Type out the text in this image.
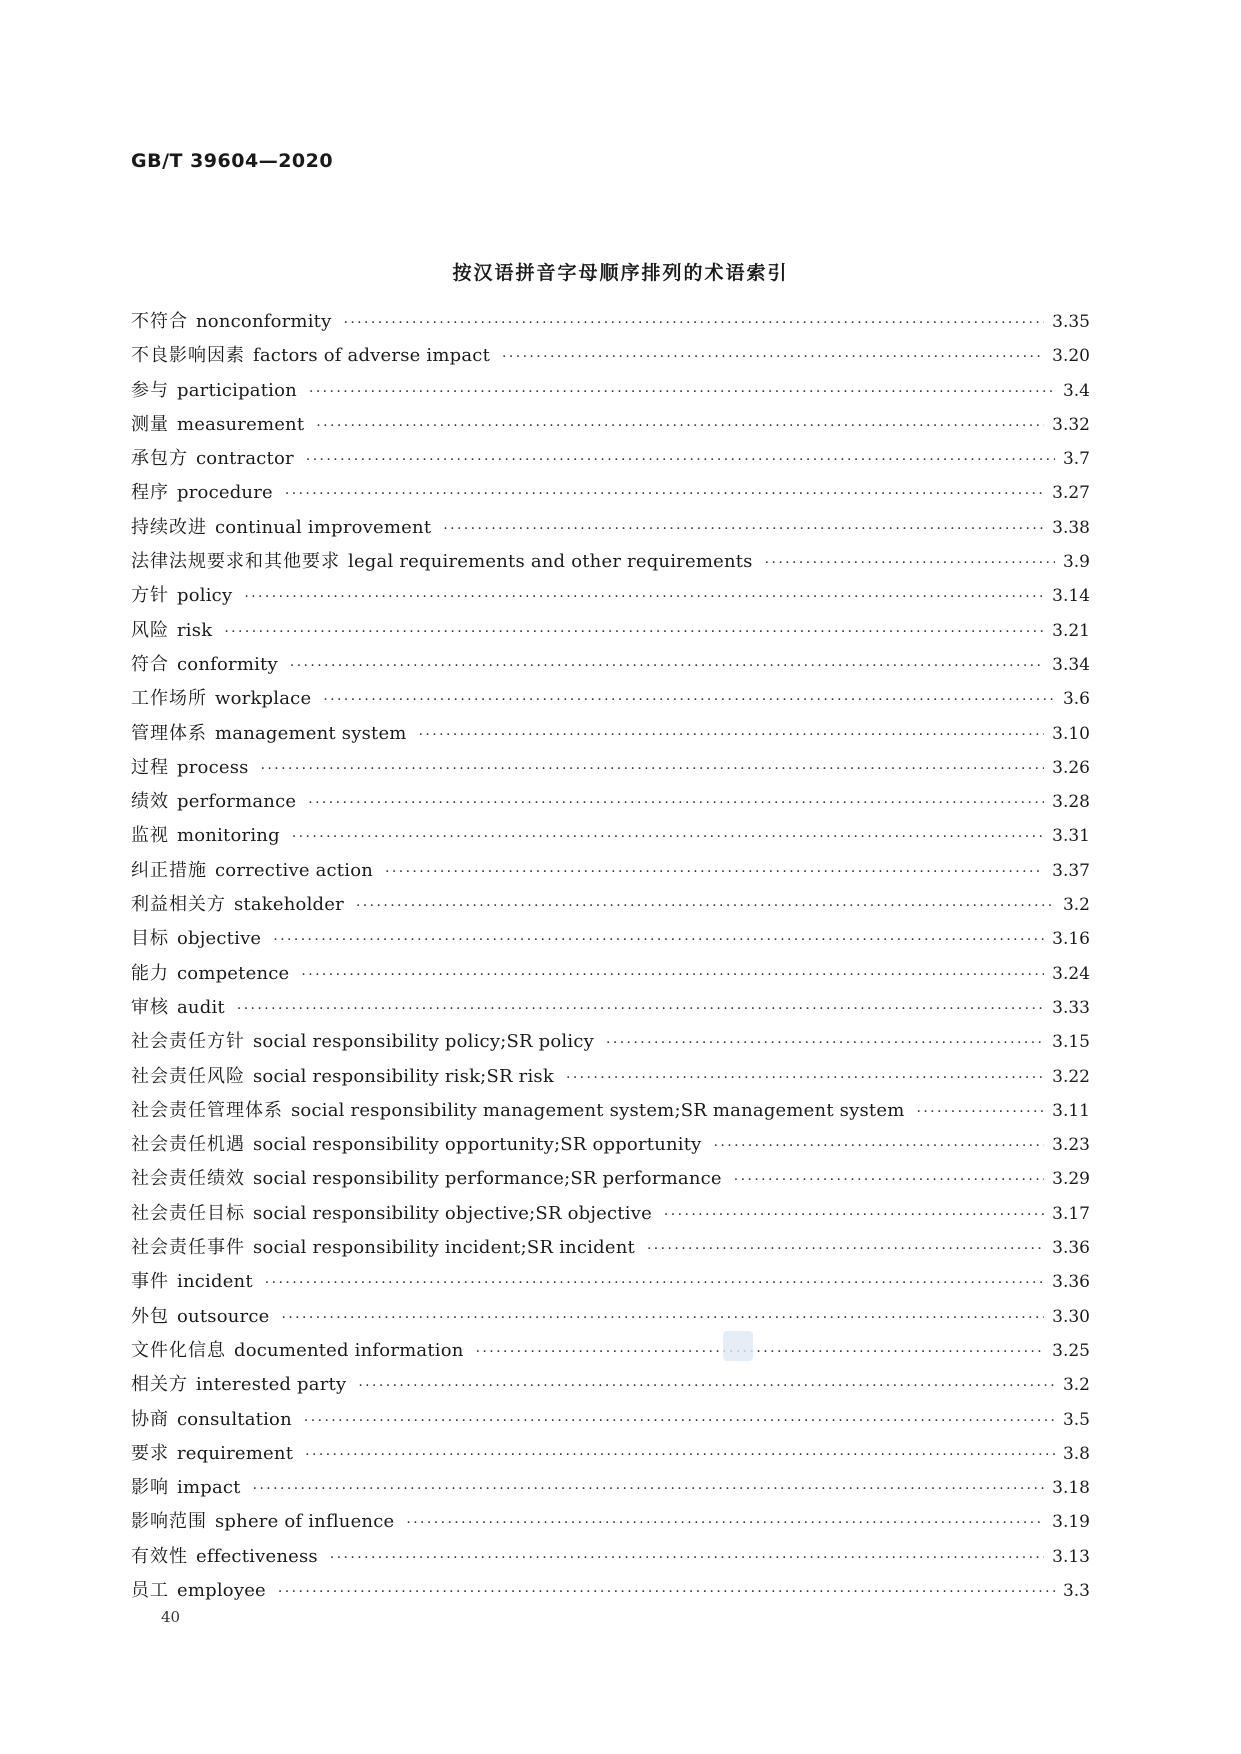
GB/T 39604—2020
按汉语拼音字母顺序排列的术语索引
不符合 nonconformity ·····	3.35
不良影响因素 factors of adverse impact ·····	3.20
参与 participation ·····	3.4
测量 measurement ·····	3.32
承包方 contractor ·····	3.7
程序 procedure ·····	3.27
持续改进 continual improvement ·····	3.38
法律法规要求和其他要求 legal requirements and other requirements ·····	3.9
方针 policy ·····	3.14
风险 risk ·····	3.21
符合 conformity ·····	3.34
工作场所 workplace ·····	3.6
管理体系 management system ·····	3.10
过程 process ·····	3.26
绩效 performance ·····	3.28
监视 monitoring ·····	3.31
纠正措施 corrective action ·····	3.37
利益相关方 stakeholder ·····	3.2
目标 objective ·····	3.16
能力 competence ·····	3.24
审核 audit ·····	3.33
社会责任方针 social responsibility policy;SR policy ·····	3.15
社会责任风险 social responsibility risk;SR risk ·····	3.22
社会责任管理体系 social responsibility management system;SR management system ·····	3.11
社会责任机遇 social responsibility opportunity;SR opportunity ·····	3.23
社会责任绩效 social responsibility performance;SR performance ·····	3.29
社会责任目标 social responsibility objective;SR objective ·····	3.17
社会责任事件 social responsibility incident;SR incident ·····	3.36
事件 incident ·····	3.36
外包 outsource ·····	3.30
文件化信息 documented information ·····	3.25
相关方 interested party ·····	3.2
协商 consultation ·····	3.5
要求 requirement ·····	3.8
影响 impact ·····	3.18
影响范围 sphere of influence ·····	3.19
有效性 effectiveness ·····	3.13
员工 employee ·····	3.3
40
